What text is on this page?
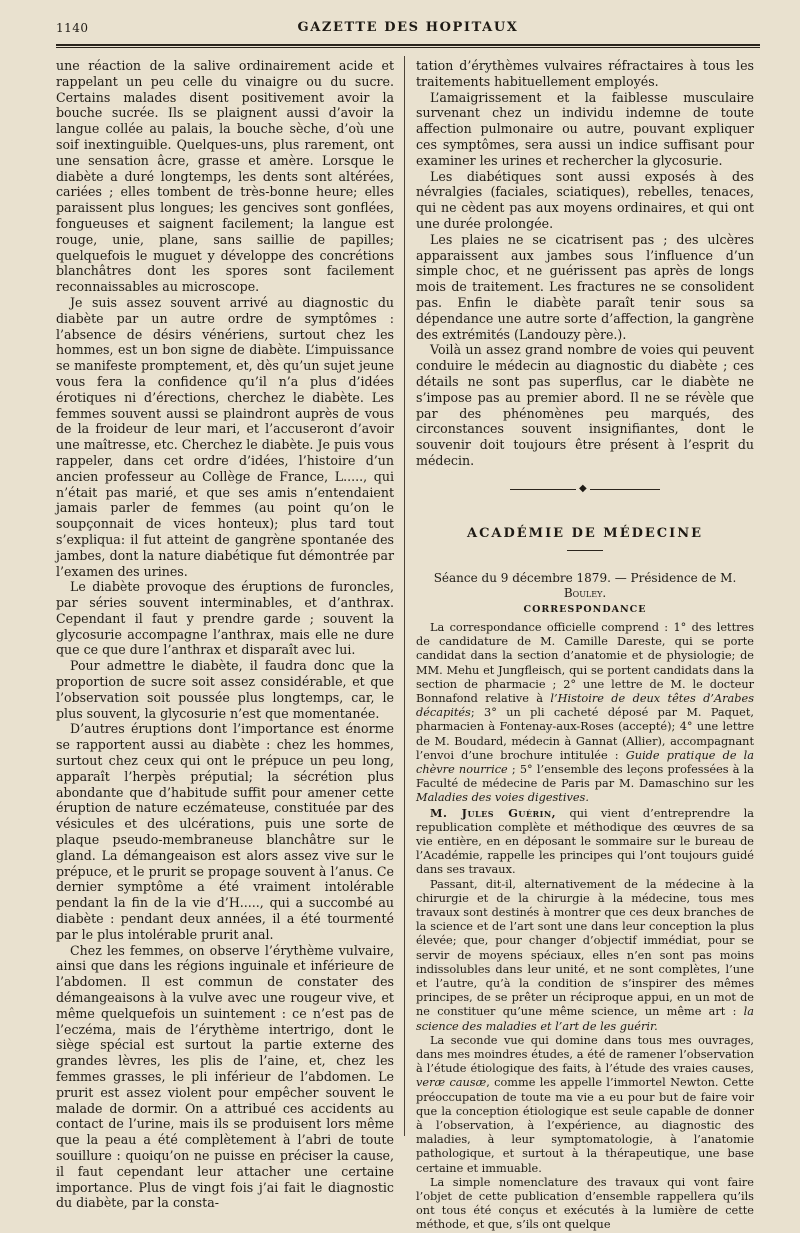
1140	GAZETTE DES HOPITAUX

une réaction de la salive ordinairement acide et rappelant un peu celle du vinaigre ou du sucre. Certains malades disent positivement avoir la bouche sucrée. Ils se plaignent aussi d’avoir la langue collée au palais, la bouche sèche, d’où une soif inextinguible. Quelques-uns, plus rarement, ont une sensation âcre, grasse et amère. Lorsque le diabète a duré longtemps, les dents sont altérées, cariées ; elles tombent de très-bonne heure; elles paraissent plus longues; les gencives sont gonflées, fongueuses et saignent facilement; la langue est rouge, unie, plane, sans saillie de papilles; quelquefois le muguet y développe des concrétions blanchâtres dont les spores sont facilement reconnaissables au microscope.

Je suis assez souvent arrivé au diagnostic du diabète par un autre ordre de symptômes : l’absence de désirs vénériens, surtout chez les hommes, est un bon signe de diabète. L’impuissance se manifeste promptement, et, dès qu’un sujet jeune vous fera la confidence qu’il n’a plus d’idées érotiques ni d’érections, cherchez le diabète. Les femmes souvent aussi se plaindront auprès de vous de la froideur de leur mari, et l’accuseront d’avoir une maîtresse, etc. Cherchez le diabète. Je puis vous rappeler, dans cet ordre d’idées, l’histoire d’un ancien professeur au Collège de France, L....., qui n’était pas marié, et que ses amis n’entendaient jamais parler de femmes (au point qu’on le soupçonnait de vices honteux); plus tard tout s’expliqua: il fut atteint de gangrène spontanée des jambes, dont la nature diabétique fut démontrée par l’examen des urines.

Le diabète provoque des éruptions de furoncles, par séries souvent interminables, et d’anthrax. Cependant il faut y prendre garde ; souvent la glycosurie accompagne l’anthrax, mais elle ne dure que ce que dure l’anthrax et disparaît avec lui.

Pour admettre le diabète, il faudra donc que la proportion de sucre soit assez considérable, et que l’observation soit poussée plus longtemps, car, le plus souvent, la glycosurie n’est que momentanée.

D’autres éruptions dont l’importance est énorme se rapportent aussi au diabète : chez les hommes, surtout chez ceux qui ont le prépuce un peu long, apparaît l’herpès préputial; la sécrétion plus abondante que d’habitude suffit pour amener cette éruption de nature eczémateuse, constituée par des vésicules et des ulcérations, puis une sorte de plaque pseudo-membraneuse blanchâtre sur le gland. La démangeaison est alors assez vive sur le prépuce, et le prurit se propage souvent à l’anus. Ce dernier symptôme a été vraiment intolérable pendant la fin de la vie d’H....., qui a succombé au diabète : pendant deux années, il a été tourmenté par le plus intolérable prurit anal.

Chez les femmes, on observe l’érythème vulvaire, ainsi que dans les régions inguinale et inférieure de l’abdomen. Il est commun de constater des démangeaisons à la vulve avec une rougeur vive, et même quelquefois un suintement : ce n’est pas de l’eczéma, mais de l’érythème intertrigo, dont le siège spécial est surtout la partie externe des grandes lèvres, les plis de l’aine, et, chez les femmes grasses, le pli inférieur de l’abdomen. Le prurit est assez violent pour empêcher souvent le malade de dormir. On a attribué ces accidents au contact de l’urine, mais ils se produisent lors même que la peau a été complètement à l’abri de toute souillure : quoiqu’on ne puisse en préciser la cause, il faut cependant leur attacher une certaine importance. Plus de vingt fois j’ai fait le diagnostic du diabète, par la consta-

tation d’érythèmes vulvaires réfractaires à tous les traitements habituellement employés.

L’amaigrissement et la faiblesse musculaire survenant chez un individu indemne de toute affection pulmonaire ou autre, pouvant expliquer ces symptômes, sera aussi un indice suffisant pour examiner les urines et rechercher la glycosurie.

Les diabétiques sont aussi exposés à des névralgies (faciales, sciatiques), rebelles, tenaces, qui ne cèdent pas aux moyens ordinaires, et qui ont une durée prolongée.

Les plaies ne se cicatrisent pas ; des ulcères apparaissent aux jambes sous l’influence d’un simple choc, et ne guérissent pas après de longs mois de traitement. Les fractures ne se consolident pas. Enfin le diabète paraît tenir sous sa dépendance une autre sorte d’affection, la gangrène des extrémités (Landouzy père.).

Voilà un assez grand nombre de voies qui peuvent conduire le médecin au diagnostic du diabète ; ces détails ne sont pas superflus, car le diabète ne s’impose pas au premier abord. Il ne se révèle que par des phénomènes peu marqués, des circonstances souvent insignifiantes, dont le souvenir doit toujours être présent à l’esprit du médecin.

◆
ACADÉMIE DE MÉDECINE

Séance du 9 décembre 1879. — Présidence de M. Bouley.

CORRESPONDANCE

La correspondance officielle comprend : 1° des lettres de candidature de M. Camille Dareste, qui se porte candidat dans la section d’anatomie et de physiologie; de MM. Mehu et Jungfleisch, qui se portent candidats dans la section de pharmacie ; 2° une lettre de M. le docteur Bonnafond relative à l’Histoire de deux têtes d’Arabes décapités; 3° un pli cacheté déposé par M. Paquet, pharmacien à Fontenay-aux-Roses (accepté); 4° une lettre de M. Boudard, médecin à Gannat (Allier), accompagnant l’envoi d’une brochure intitulée : Guide pratique de la chèvre nourrice ; 5° l’ensemble des leçons professées à la Faculté de médecine de Paris par M. Damaschino sur les Maladies des voies digestives.

M. Jules Guérin, qui vient d’entreprendre la republication complète et méthodique des œuvres de sa vie entière, en en déposant le sommaire sur le bureau de l’Académie, rappelle les principes qui l’ont toujours guidé dans ses travaux.

Passant, dit-il, alternativement de la médecine à la chirurgie et de la chirurgie à la médecine, tous mes travaux sont destinés à montrer que ces deux branches de la science et de l’art sont une dans leur conception la plus élevée; que, pour changer d’objectif immédiat, pour se servir de moyens spéciaux, elles n’en sont pas moins indissolubles dans leur unité, et ne sont complètes, l’une et l’autre, qu’à la condition de s’inspirer des mêmes principes, de se prêter un réciproque appui, en un mot de ne constituer qu’une même science, un même art : la science des maladies et l’art de les guérir.

La seconde vue qui domine dans tous mes ouvrages, dans mes moindres études, a été de ramener l’observation à l’étude étiologique des faits, à l’étude des vraies causes, veræ causæ, comme les appelle l’immortel Newton. Cette préoccupation de toute ma vie a eu pour but de faire voir que la conception étiologique est seule capable de donner à l’observation, à l’expérience, au diagnostic des maladies, à leur symptomatologie, à l’anatomie pathologique, et surtout à la thérapeutique, une base certaine et immuable.

La simple nomenclature des travaux qui vont faire l’objet de cette publication d’ensemble rappellera qu’ils ont tous été conçus et exécutés à la lumière de cette méthode, et que, s’ils ont quelque
